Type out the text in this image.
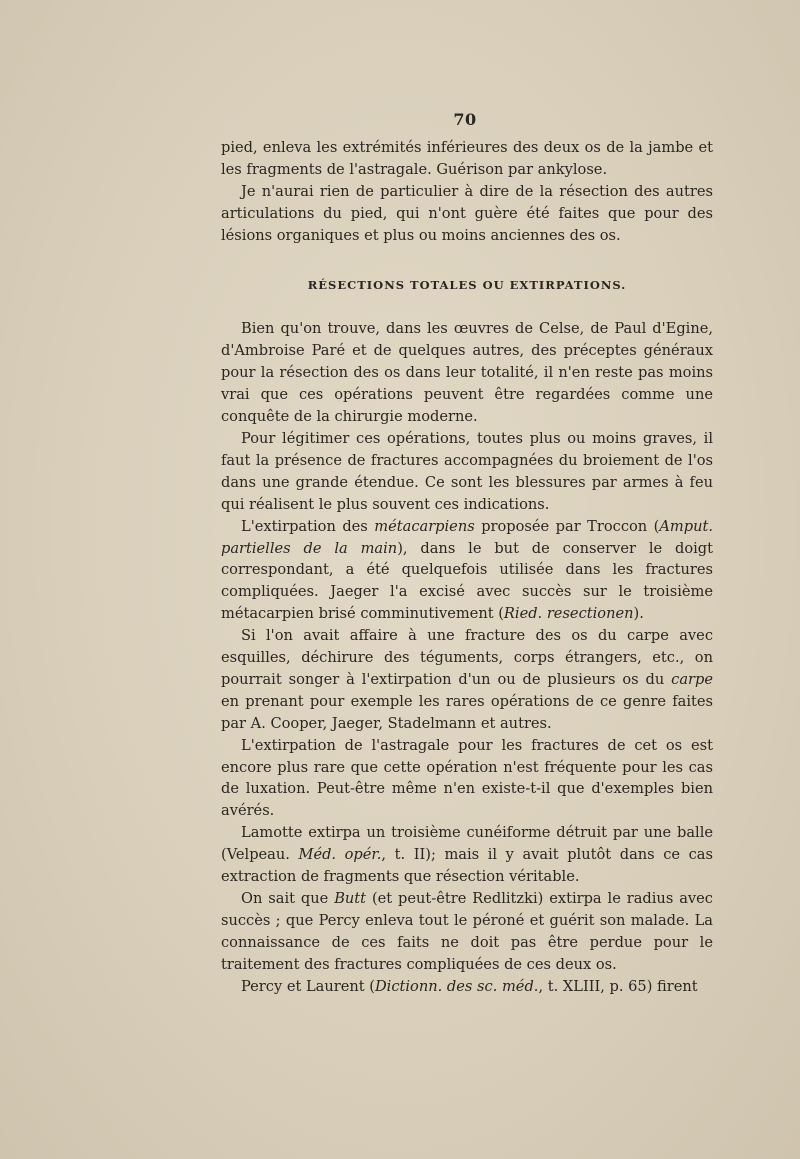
70

pied, enleva les extrémités inférieures des deux os de la jambe et les fragments de l'astragale. Guérison par ankylose.

Je n'aurai rien de particulier à dire de la résection des autres articulations du pied, qui n'ont guère été faites que pour des lésions organiques et plus ou moins anciennes des os.

RÉSECTIONS TOTALES OU EXTIRPATIONS.

Bien qu'on trouve, dans les œuvres de Celse, de Paul d'Egine, d'Ambroise Paré et de quelques autres, des préceptes généraux pour la résection des os dans leur totalité, il n'en reste pas moins vrai que ces opérations peuvent être regardées comme une conquête de la chirurgie moderne.

Pour légitimer ces opérations, toutes plus ou moins graves, il faut la présence de fractures accompagnées du broiement de l'os dans une grande étendue. Ce sont les blessures par armes à feu qui réalisent le plus souvent ces indications.

L'extirpation des métacarpiens proposée par Troccon (Amput. partielles de la main), dans le but de conserver le doigt correspondant, a été quelquefois utilisée dans les fractures compliquées. Jaeger l'a excisé avec succès sur le troisième métacarpien brisé comminutivement (Ried. resectionen).

Si l'on avait affaire à une fracture des os du carpe avec esquilles, déchirure des téguments, corps étrangers, etc., on pourrait songer à l'extirpation d'un ou de plusieurs os du carpe en prenant pour exemple les rares opérations de ce genre faites par A. Cooper, Jaeger, Stadelmann et autres.

L'extirpation de l'astragale pour les fractures de cet os est encore plus rare que cette opération n'est fréquente pour les cas de luxation. Peut-être même n'en existe-t-il que d'exemples bien avérés.

Lamotte extirpa un troisième cunéiforme détruit par une balle (Velpeau. Méd. opér., t. II); mais il y avait plutôt dans ce cas extraction de fragments que résection véritable.

On sait que Butt (et peut-être Redlitzki) extirpa le radius avec succès ; que Percy enleva tout le péroné et guérit son malade. La connaissance de ces faits ne doit pas être perdue pour le traitement des fractures compliquées de ces deux os.

Percy et Laurent (Dictionn. des sc. méd., t. XLIII, p. 65) firent
